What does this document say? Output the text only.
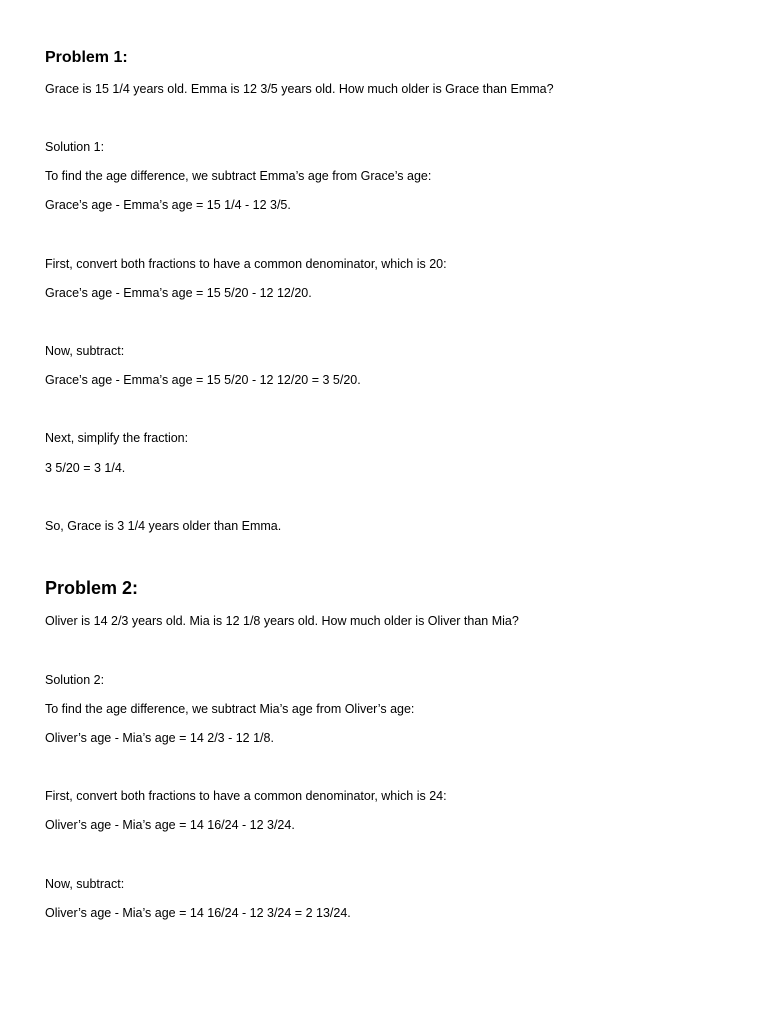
Problem 1:
Grace is 15 1/4 years old. Emma is 12 3/5 years old. How much older is Grace than Emma?
Solution 1:
To find the age difference, we subtract Emma’s age from Grace’s age:
Grace’s age - Emma’s age = 15 1/4 - 12 3/5.
First, convert both fractions to have a common denominator, which is 20:
Grace’s age - Emma’s age = 15 5/20 - 12 12/20.
Now, subtract:
Grace’s age - Emma’s age = 15 5/20 - 12 12/20 = 3 5/20.
Next, simplify the fraction:
3 5/20 = 3 1/4.
So, Grace is 3 1/4 years older than Emma.
Problem 2:
Oliver is 14 2/3 years old. Mia is 12 1/8 years old. How much older is Oliver than Mia?
Solution 2:
To find the age difference, we subtract Mia’s age from Oliver’s age:
Oliver’s age - Mia’s age = 14 2/3 - 12 1/8.
First, convert both fractions to have a common denominator, which is 24:
Oliver’s age - Mia’s age = 14 16/24 - 12 3/24.
Now, subtract:
Oliver’s age - Mia’s age = 14 16/24 - 12 3/24 = 2 13/24.
